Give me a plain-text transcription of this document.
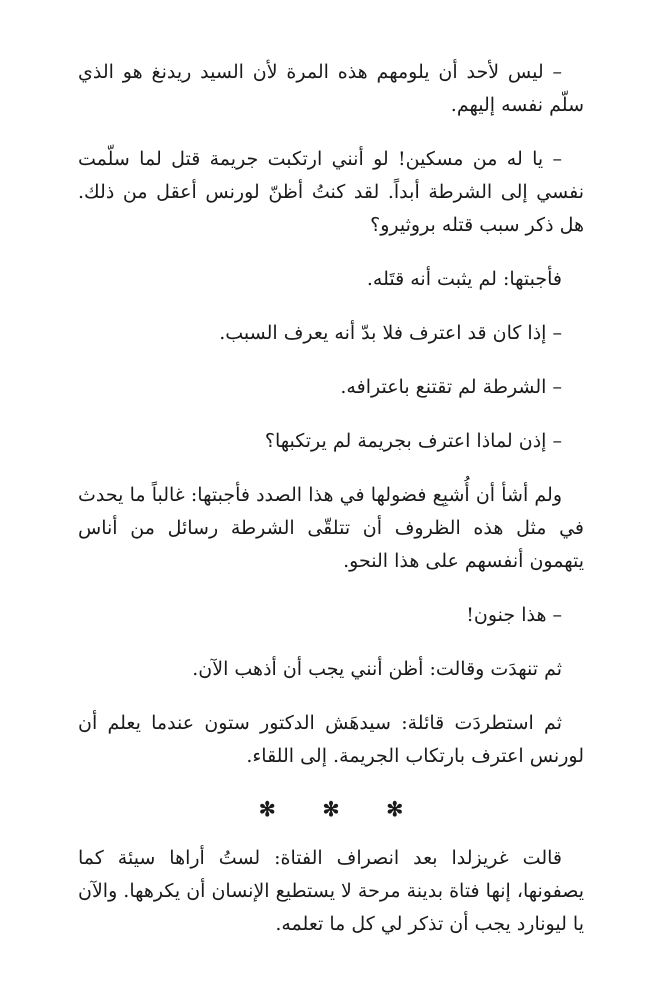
– ليس لأحد أن يلومهم هذه المرة لأن السيد ريدنغ هو الذي سلّم نفسه إليهم.

– يا له من مسكين! لو أنني ارتكبت جريمة قتل لما سلّمت نفسي إلى الشرطة أبداً. لقد كنتُ أظنّ لورنس أعقل من ذلك. هل ذكر سبب قتله بروثيرو؟

فأجبتها: لم يثبت أنه قتَله.

– إذا كان قد اعترف فلا بدّ أنه يعرف السبب.

– الشرطة لم تقتنع باعترافه.

– إذن لماذا اعترف بجريمة لم يرتكبها؟

ولم أشأ أن أُشبِع فضولها في هذا الصدد فأجبتها: غالباً ما يحدث في مثل هذه الظروف أن تتلقّى الشرطة رسائل من أناس يتهمون أنفسهم على هذا النحو.

– هذا جنون!

ثم تنهدَت وقالت: أظن أنني يجب أن أذهب الآن.

ثم استطردَت قائلة: سيدهَش الدكتور ستون عندما يعلم أن لورنس اعترف بارتكاب الجريمة. إلى اللقاء.

✻ ✻ ✻

قالت غريزلدا بعد انصراف الفتاة: لستُ أراها سيئة كما يصفونها، إنها فتاة بدينة مرحة لا يستطيع الإنسان أن يكرهها. والآن يا ليونارد يجب أن تذكر لي كل ما تعلمه.
